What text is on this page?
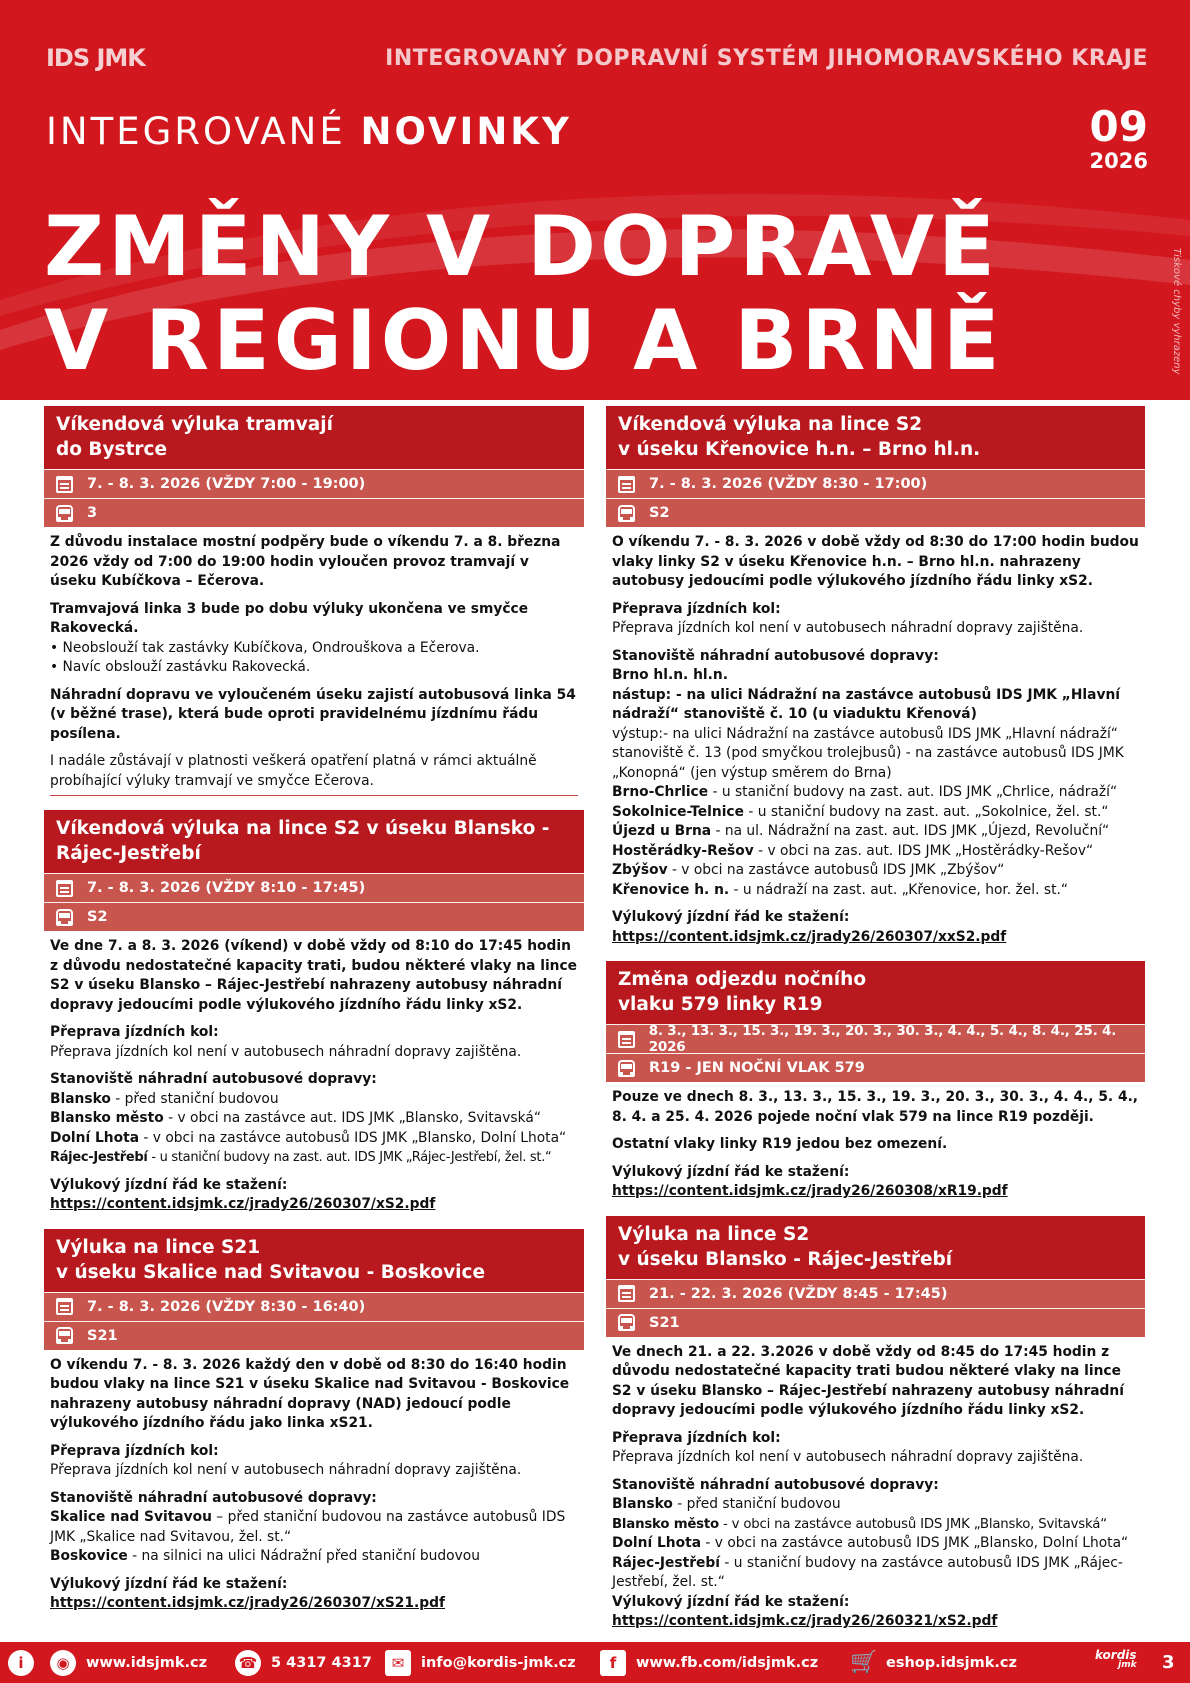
IDS JMK	INTEGROVANÝ DOPRAVNÍ SYSTÉM JIHOMORAVSKÉHO KRAJE
INTEGROVANÉ NOVINKY	09
2026
ZMĚNY V DOPRAVĚ
V REGIONU A BRNĚ	Tiskové chyby vyhrazeny
Víkendová výluka tramvají
do Bystrce
7. - 8. 3. 2026 (VŽDY 7:00 - 19:00)
3

Z důvodu instalace mostní podpěry bude o víkendu 7. a 8. března 2026 vždy od 7:00 do 19:00 hodin vyloučen provoz tramvají v úseku Kubíčkova – Ečerova.

Tramvajová linka 3 bude po dobu výluky ukončena ve smyčce Rakovecká.

• Neobslouží tak zastávky Kubíčkova, Ondrouškova a Ečerova.

• Navíc obslouží zastávku Rakovecká.

Náhradní dopravu ve vyloučeném úseku zajistí autobusová linka 54 (v běžné trase), která bude oproti pravidelnému jízdnímu řádu posílena.

I nadále zůstávají v platnosti veškerá opatření platná v rámci aktuálně probíhající výluky tramvají ve smyčce Ečerova.

Víkendová výluka na lince S2 v úseku Blansko -
Rájec-Jestřebí
7. - 8. 3. 2026 (VŽDY 8:10 - 17:45)
S2

Ve dne 7. a 8. 3. 2026 (víkend) v době vždy od 8:10 do 17:45 hodin z důvodu nedostatečné kapacity trati, budou některé vlaky na lince S2 v úseku Blansko – Rájec-Jestřebí nahrazeny autobusy náhradní dopravy jedoucími podle výlukového jízdního řádu linky xS2.

Přeprava jízdních kol:

Přeprava jízdních kol není v autobusech náhradní dopravy zajištěna.

Stanoviště náhradní autobusové dopravy:

Blansko - před staniční budovou

Blansko město - v obci na zastávce aut. IDS JMK „Blansko, Svitavská“

Dolní Lhota - v obci na zastávce autobusů IDS JMK „Blansko, Dolní Lhota“

Rájec-Jestřebí - u staniční budovy na zast. aut. IDS JMK „Rájec-Jestřebí, žel. st.“

Výlukový jízdní řád ke stažení:

https://content.idsjmk.cz/jrady26/260307/xS2.pdf

Výluka na lince S21
v úseku Skalice nad Svitavou - Boskovice
7. - 8. 3. 2026 (VŽDY 8:30 - 16:40)
S21

O víkendu 7. - 8. 3. 2026 každý den v době od 8:30 do 16:40 hodin budou vlaky na lince S21 v úseku Skalice nad Svitavou - Boskovice nahrazeny autobusy náhradní dopravy (NAD) jedoucí podle výlukového jízdního řádu jako linka xS21.

Přeprava jízdních kol:

Přeprava jízdních kol není v autobusech náhradní dopravy zajištěna.

Stanoviště náhradní autobusové dopravy:

Skalice nad Svitavou – před staniční budovou na zastávce autobusů IDS JMK „Skalice nad Svitavou, žel. st.“

Boskovice - na silnici na ulici Nádražní před staniční budovou

Výlukový jízdní řád ke stažení:

https://content.idsjmk.cz/jrady26/260307/xS21.pdf

Víkendová výluka na lince S2
v úseku Křenovice h.n. – Brno hl.n.
7. - 8. 3. 2026 (VŽDY 8:30 - 17:00)
S2

O víkendu 7. - 8. 3. 2026 v době vždy od 8:30 do 17:00 hodin budou vlaky linky S2 v úseku Křenovice h.n. – Brno hl.n. nahrazeny autobusy jedoucími podle výlukového jízdního řádu linky xS2.

Přeprava jízdních kol:

Přeprava jízdních kol není v autobusech náhradní dopravy zajištěna.

Stanoviště náhradní autobusové dopravy:

Brno hl.n. hl.n.

nástup: - na ulici Nádražní na zastávce autobusů IDS JMK „Hlavní nádraží“ stanoviště č. 10 (u viaduktu Křenová)

výstup:- na ulici Nádražní na zastávce autobusů IDS JMK „Hlavní nádraží“ stanoviště č. 13 (pod smyčkou trolejbusů) - na zastávce autobusů IDS JMK „Konopná“ (jen výstup směrem do Brna)

Brno-Chrlice - u staniční budovy na zast. aut. IDS JMK „Chrlice, nádraží“

Sokolnice-Telnice - u staniční budovy na zast. aut. „Sokolnice, žel. st.“

Újezd u Brna - na ul. Nádražní na zast. aut. IDS JMK „Újezd, Revoluční“

Hostěrádky-Rešov - v obci na zas. aut. IDS JMK „Hostěrádky-Rešov“

Zbýšov - v obci na zastávce autobusů IDS JMK „Zbýšov“

Křenovice h. n. - u nádraží na zast. aut. „Křenovice, hor. žel. st.“

Výlukový jízdní řád ke stažení:

https://content.idsjmk.cz/jrady26/260307/xxS2.pdf

Změna odjezdu nočního
vlaku 579 linky R19
8. 3., 13. 3., 15. 3., 19. 3., 20. 3., 30. 3., 4. 4., 5. 4., 8. 4., 25. 4. 2026
R19 - JEN NOČNÍ VLAK 579

Pouze ve dnech 8. 3., 13. 3., 15. 3., 19. 3., 20. 3., 30. 3., 4. 4., 5. 4., 8. 4. a 25. 4. 2026 pojede noční vlak 579 na lince R19 později.

Ostatní vlaky linky R19 jedou bez omezení.

Výlukový jízdní řád ke stažení:

https://content.idsjmk.cz/jrady26/260308/xR19.pdf

Výluka na lince S2
v úseku Blansko - Rájec-Jestřebí
21. - 22. 3. 2026 (VŽDY 8:45 - 17:45)
S21

Ve dnech 21. a 22. 3.2026 v době vždy od 8:45 do 17:45 hodin z důvodu nedostatečné kapacity trati budou některé vlaky na lince S2 v úseku Blansko – Rájec-Jestřebí nahrazeny autobusy náhradní dopravy jedoucími podle výlukového jízdního řádu linky xS2.

Přeprava jízdních kol:

Přeprava jízdních kol není v autobusech náhradní dopravy zajištěna.

Stanoviště náhradní autobusové dopravy:

Blansko - před staniční budovou

Blansko město - v obci na zastávce autobusů IDS JMK „Blansko, Svitavská“

Dolní Lhota - v obci na zastávce autobusů IDS JMK „Blansko, Dolní Lhota“

Rájec-Jestřebí - u staniční budovy na zastávce autobusů IDS JMK „Rájec-Jestřebí, žel. st.“

Výlukový jízdní řád ke stažení:

https://content.idsjmk.cz/jrady26/260321/xS2.pdf

i	◉	www.idsjmk.cz ☎ 5 4317 4317	✉	info@kordis-jmk.cz	f	www.fb.com/idsjmk.cz 🛒 eshop.idsjmk.cz	kordis
jmk 3
